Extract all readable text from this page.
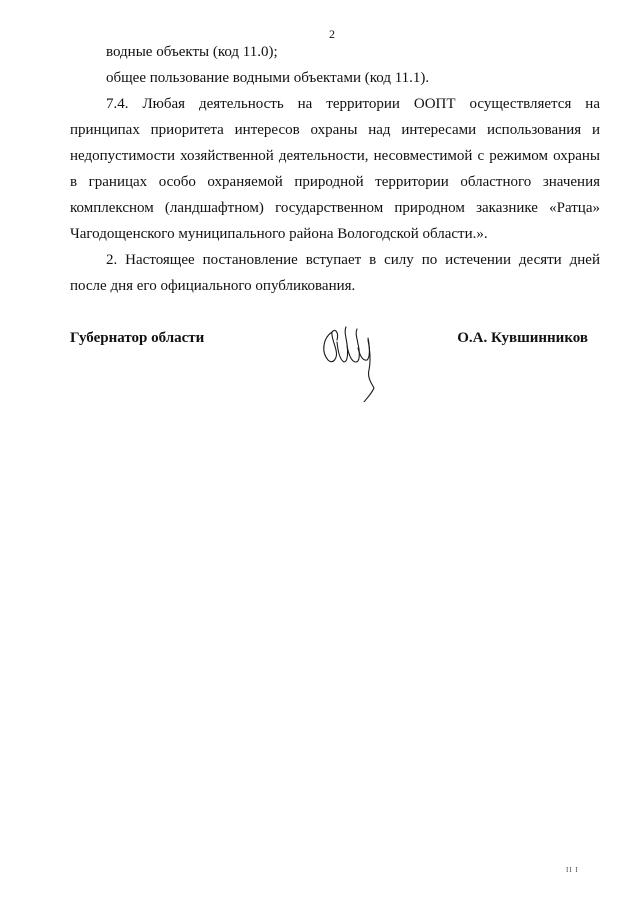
2

водные объекты (код 11.0);

общее пользование водными объектами (код 11.1).

7.4. Любая деятельность на территории ООПТ осуществляется на принципах приоритета интересов охраны над интересами использования и недопустимости хозяйственной деятельности, несовместимой с режимом охраны в границах особо охраняемой природной территории областного значения комплексном (ландшафтном) государственном природном заказнике «Ратца» Чагодощенского муниципального района Вологодской области.».

2. Настоящее постановление вступает в силу по истечении десяти дней после дня его официального опубликования.

Губернатор области	О.А. Кувшинников
II I
